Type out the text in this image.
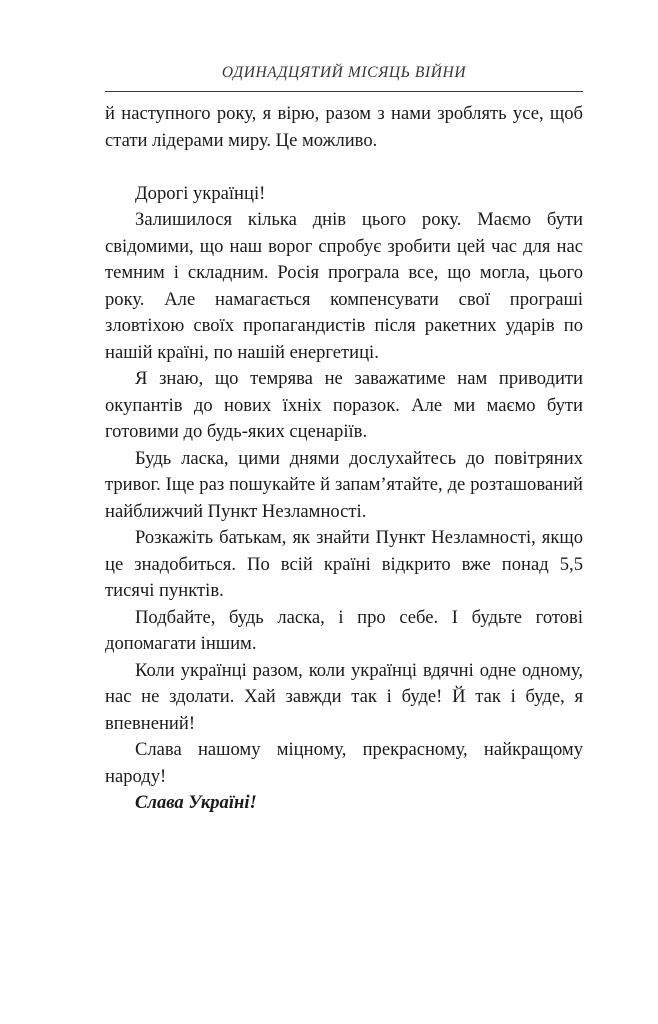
ОДИНАДЦЯТИЙ МІСЯЦЬ ВІЙНИ

й наступного року, я вірю, разом з нами зроблять усе, щоб стати лідерами миру. Це можливо.

Дорогі українці!

Залишилося кілька днів цього року. Маємо бути свідомими, що наш ворог спробує зробити цей час для нас темним і складним. Росія програла все, що могла, цього року. Але намагається компенсувати свої програші зловтіхою своїх пропагандистів після ракетних ударів по нашій країні, по нашій енергетиці.

Я знаю, що темрява не заважатиме нам приводити окупантів до нових їхніх поразок. Але ми маємо бути готовими до будь-яких сценаріїв.

Будь ласка, цими днями дослухайтесь до повітряних тривог. Іще раз пошукайте й запам’ятайте, де розташований найближчий Пункт Незламності.

Розкажіть батькам, як знайти Пункт Незламності, якщо це знадобиться. По всій країні відкрито вже понад 5,5 тисячі пунктів.

Подбайте, будь ласка, і про себе. І будьте готові допомагати іншим.

Коли українці разом, коли українці вдячні одне одному, нас не здолати. Хай завжди так і буде! Й так і буде, я впевнений!

Слава нашому міцному, прекрасному, найкращому народу!

Слава Україні!
